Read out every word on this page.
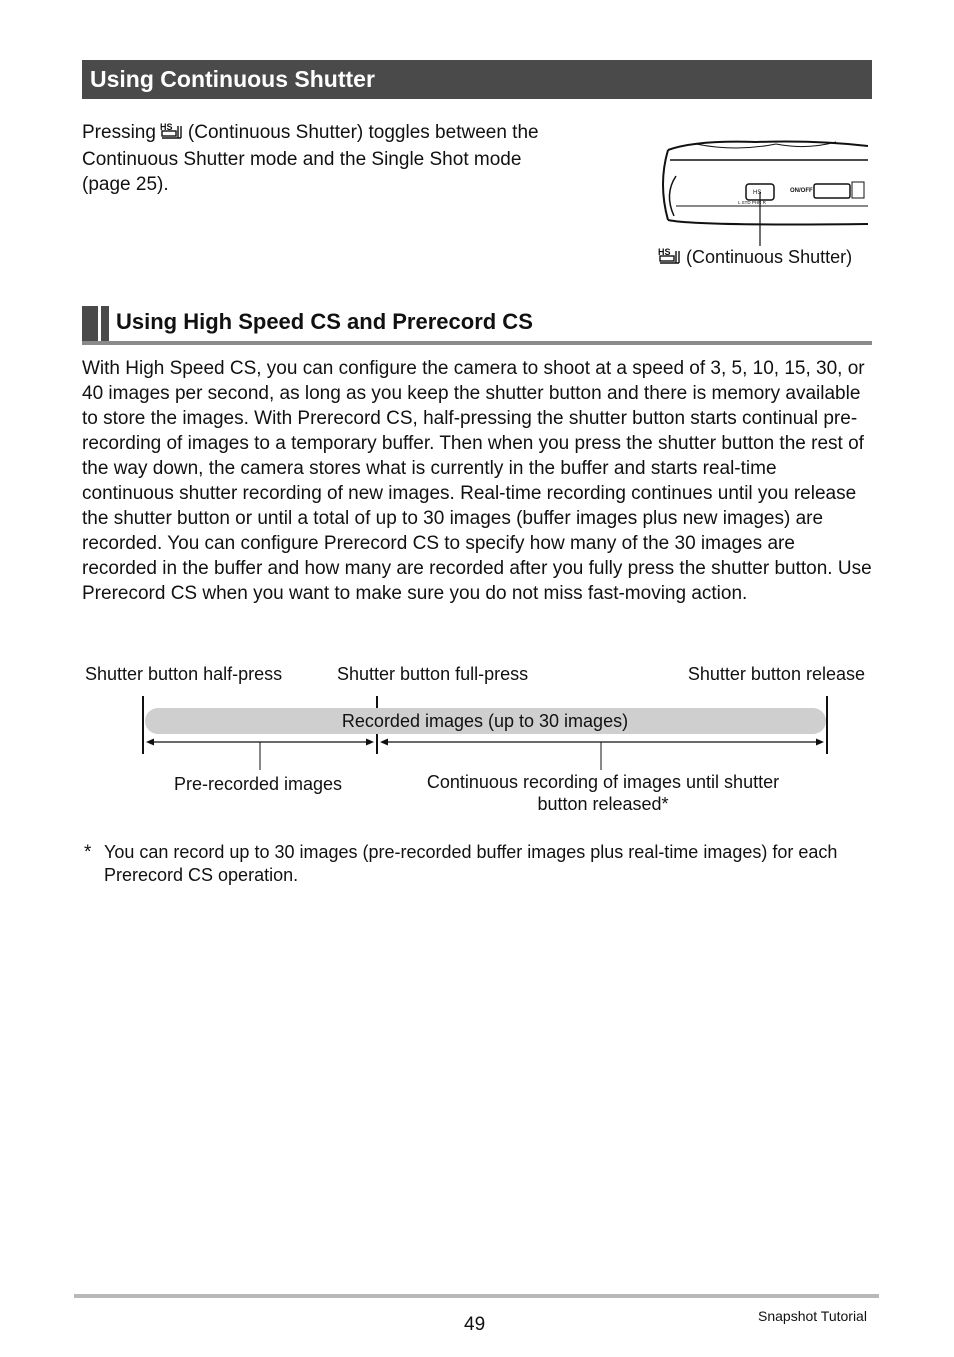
Using Continuous Shutter
Pressing HS (Continuous Shutter) toggles between the Continuous Shutter mode and the Single Shot mode (page 25).	HS
L STD PHR R
ON/OFF
HS (Continuous Shutter)
Using High Speed CS and Prerecord CS
With High Speed CS, you can configure the camera to shoot at a speed of 3, 5, 10, 15, 30, or 40 images per second, as long as you keep the shutter button and there is memory available to store the images. With Prerecord CS, half-pressing the shutter button starts continual pre-recording of images to a temporary buffer. Then when you press the shutter button the rest of the way down, the camera stores what is currently in the buffer and starts real-time continuous shutter recording of new images. Real-time recording continues until you release the shutter button or until a total of up to 30 images (buffer images plus new images) are recorded. You can configure Prerecord CS to specify how many of the 30 images are recorded in the buffer and how many are recorded after you fully press the shutter button. Use Prerecord CS when you want to make sure you do not miss fast-moving action.
Shutter button half-press	Shutter button full-press	Shutter button release
Recorded images (up to 30 images)
Pre-recorded images	Continuous recording of images until shutter
button released*
* You can record up to 30 images (pre-recorded buffer images plus real-time images) for each Prerecord CS operation.
49	Snapshot Tutorial
